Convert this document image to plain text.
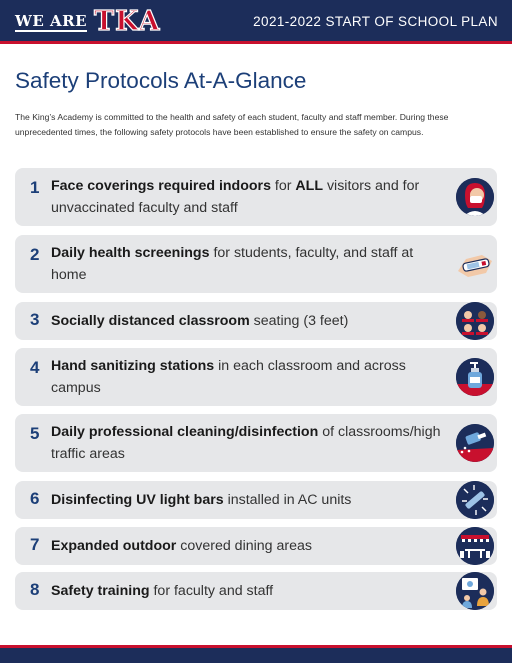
WE ARE TKA	2021-2022 START OF SCHOOL PLAN
Safety Protocols At-A-Glance

The King’s Academy is committed to the health and safety of each student, faculty and staff member. During these unprecedented times, the following safety protocols have been established to ensure the safety on campus.

1 Face coverings required indoors for ALL visitors and for unvaccinated faculty and staff
2 Daily health screenings for students, faculty, and staff at home
3 Socially distanced classroom seating (3 feet)
4 Hand sanitizing stations in each classroom and across campus
5 Daily professional cleaning/disinfection of classrooms/high traffic areas
6 Disinfecting UV light bars installed in AC units
7 Expanded outdoor covered dining areas
8 Safety training for faculty and staff
